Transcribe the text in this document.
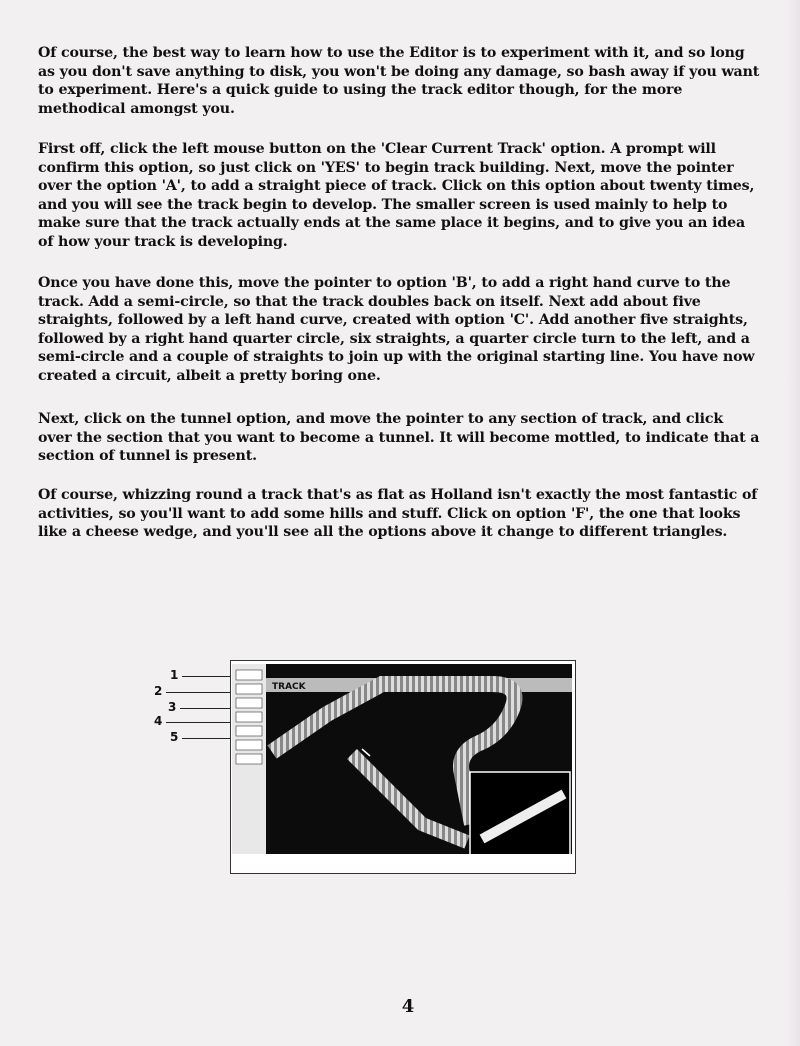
Of course, the best way to learn how to use the Editor is to experiment with it, and so long as you don't save anything to disk, you won't be doing any damage, so bash away if you want to experiment. Here's a quick guide to using the track editor though, for the more methodical amongst you.

First off, click the left mouse button on the 'Clear Current Track' option. A prompt will confirm this option, so just click on 'YES' to begin track building. Next, move the pointer over the option 'A', to add a straight piece of track. Click on this option about twenty times, and you will see the track begin to develop. The smaller screen is used mainly to help to make sure that the track actually ends at the same place it begins, and to give you an idea of how your track is developing.

Once you have done this, move the pointer to option 'B', to add a right hand curve to the track. Add a semi-circle, so that the track doubles back on itself. Next add about five straights, followed by a left hand curve, created with option 'C'. Add another five straights, followed by a right hand quarter circle, six straights, a quarter circle turn to the left, and a semi-circle and a couple of straights to join up with the original starting line. You have now created a circuit, albeit a pretty boring one.

Next, click on the tunnel option, and move the pointer to any section of track, and click over the section that you want to become a tunnel. It will become mottled, to indicate that a section of tunnel is present.

Of course, whizzing round a track that's as flat as Holland isn't exactly the most fantastic of activities, so you'll want to add some hills and stuff. Click on option 'F', the one that looks like a cheese wedge, and you'll see all the options above it change to different triangles.

1
2
3
4
5
TRACK
4
